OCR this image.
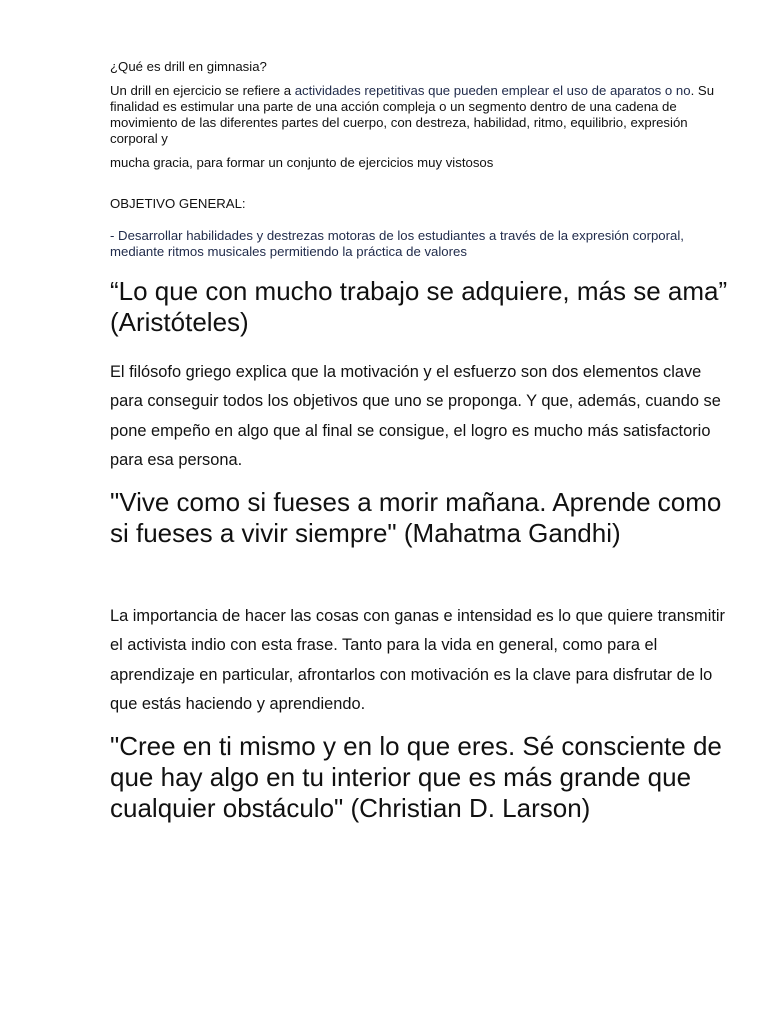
¿Qué es drill en gimnasia?

Un drill en ejercicio se refiere a actividades repetitivas que pueden emplear el uso de aparatos o no. Su finalidad es estimular una parte de una acción compleja o un segmento dentro de una cadena de movimiento de las diferentes partes del cuerpo, con destreza, habilidad, ritmo, equilibrio, expresión corporal y

mucha gracia, para formar un conjunto de ejercicios muy vistosos

OBJETIVO GENERAL:

- Desarrollar habilidades y destrezas motoras de los estudiantes a través de la expresión corporal, mediante ritmos musicales permitiendo la práctica de valores

“Lo que con mucho trabajo se adquiere, más se ama” (Aristóteles)

El filósofo griego explica que la motivación y el esfuerzo son dos elementos clave para conseguir todos los objetivos que uno se proponga. Y que, además, cuando se pone empeño en algo que al final se consigue, el logro es mucho más satisfactorio para esa persona.

"Vive como si fueses a morir mañana. Aprende como si fueses a vivir siempre" (Mahatma Gandhi)

La importancia de hacer las cosas con ganas e intensidad es lo que quiere transmitir el activista indio con esta frase. Tanto para la vida en general, como para el aprendizaje en particular, afrontarlos con motivación es la clave para disfrutar de lo que estás haciendo y aprendiendo.

"Cree en ti mismo y en lo que eres. Sé consciente de que hay algo en tu interior que es más grande que cualquier obstáculo" (Christian D. Larson)
